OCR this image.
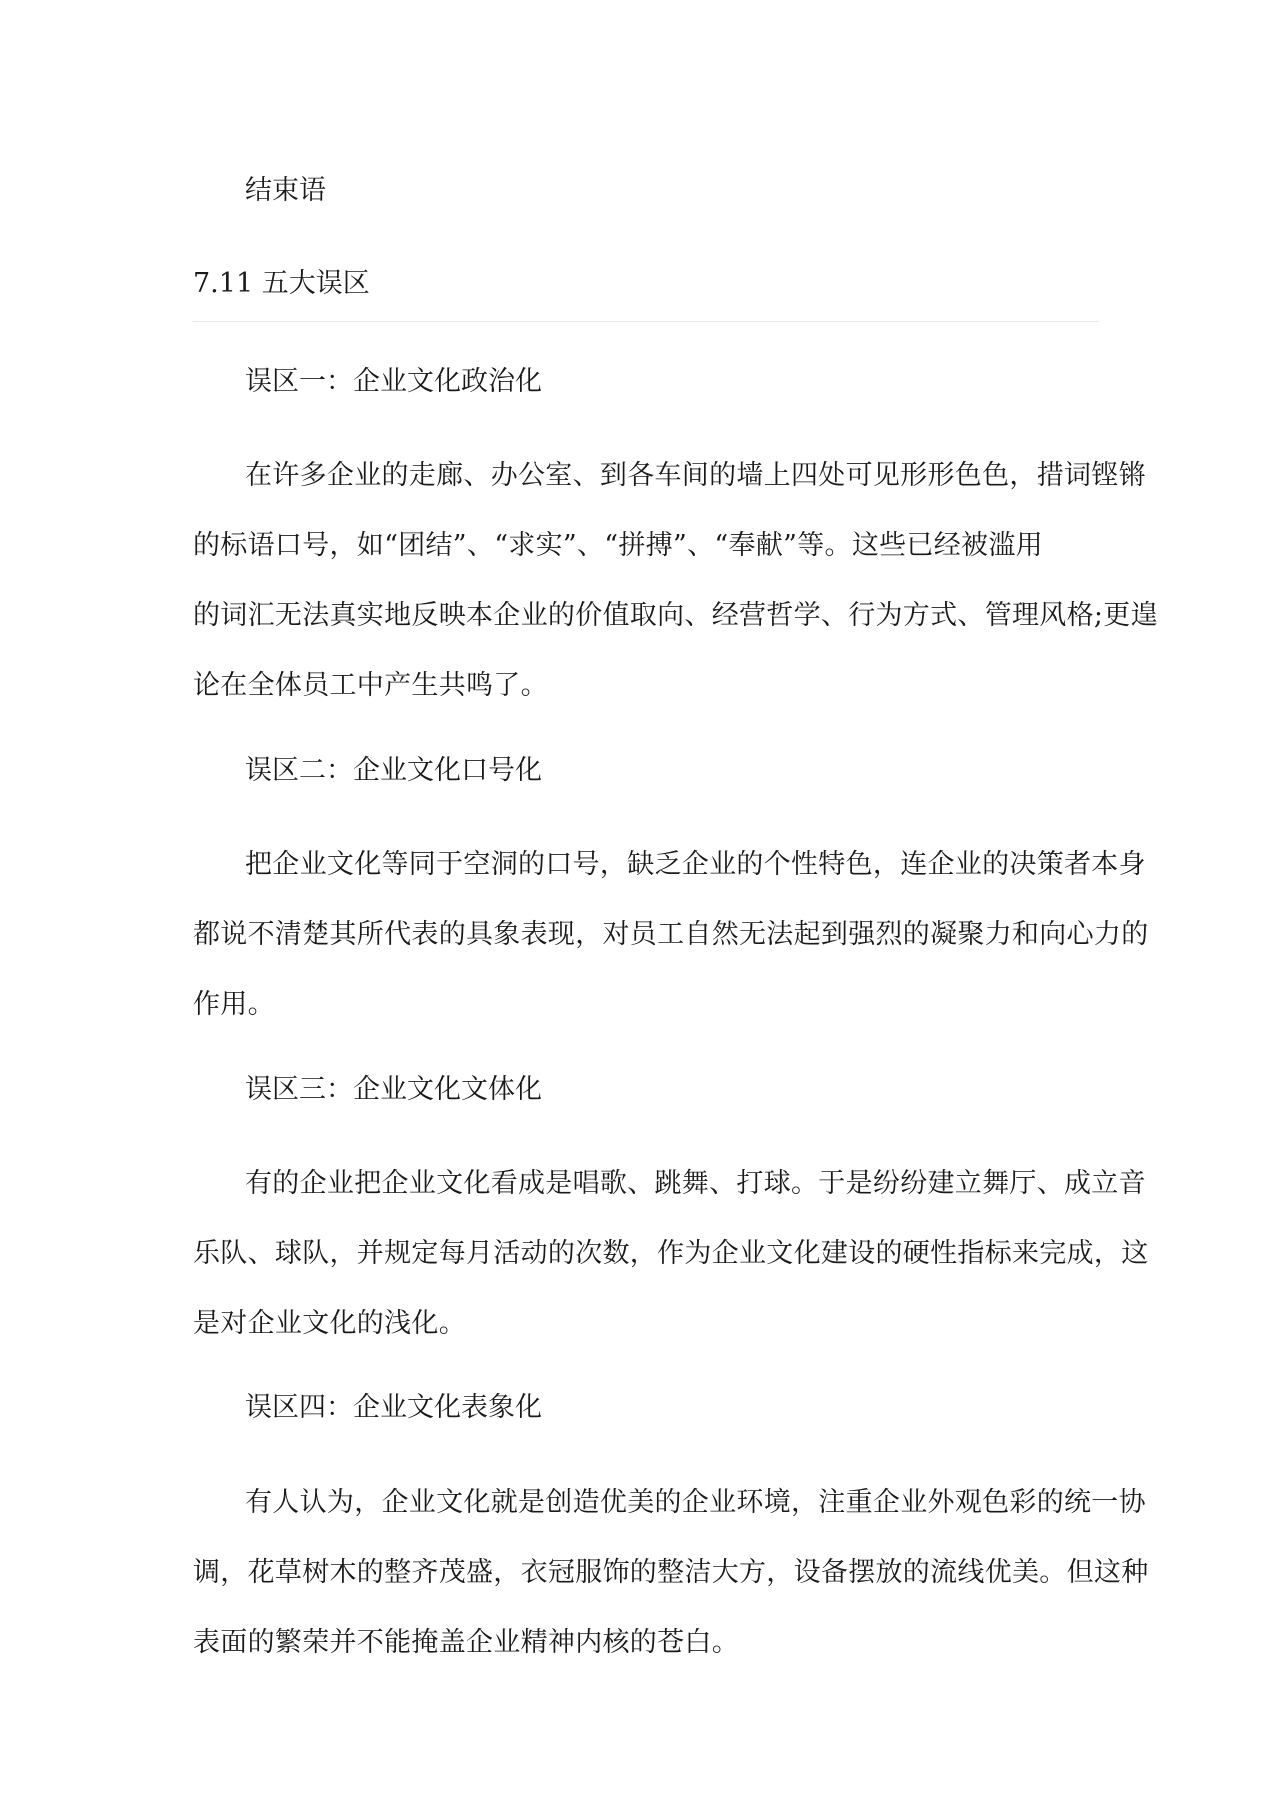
结束语
7.11 五大误区
误区一：企业文化政治化
在许多企业的走廊、办公室、到各车间的墙上四处可见形形色色，措词铿锵
的标语口号，如“团结”、“求实”、“拼搏”、“奉献”等。这些已经被滥用
的词汇无法真实地反映本企业的价值取向、经营哲学、行为方式、管理风格;更遑
论在全体员工中产生共鸣了。
误区二：企业文化口号化
把企业文化等同于空洞的口号，缺乏企业的个性特色，连企业的决策者本身
都说不清楚其所代表的具象表现，对员工自然无法起到强烈的凝聚力和向心力的
作用。
误区三：企业文化文体化
有的企业把企业文化看成是唱歌、跳舞、打球。于是纷纷建立舞厅、成立音
乐队、球队，并规定每月活动的次数，作为企业文化建设的硬性指标来完成，这
是对企业文化的浅化。
误区四：企业文化表象化
有人认为，企业文化就是创造优美的企业环境，注重企业外观色彩的统一协
调，花草树木的整齐茂盛，衣冠服饰的整洁大方，设备摆放的流线优美。但这种
表面的繁荣并不能掩盖企业精神内核的苍白。
